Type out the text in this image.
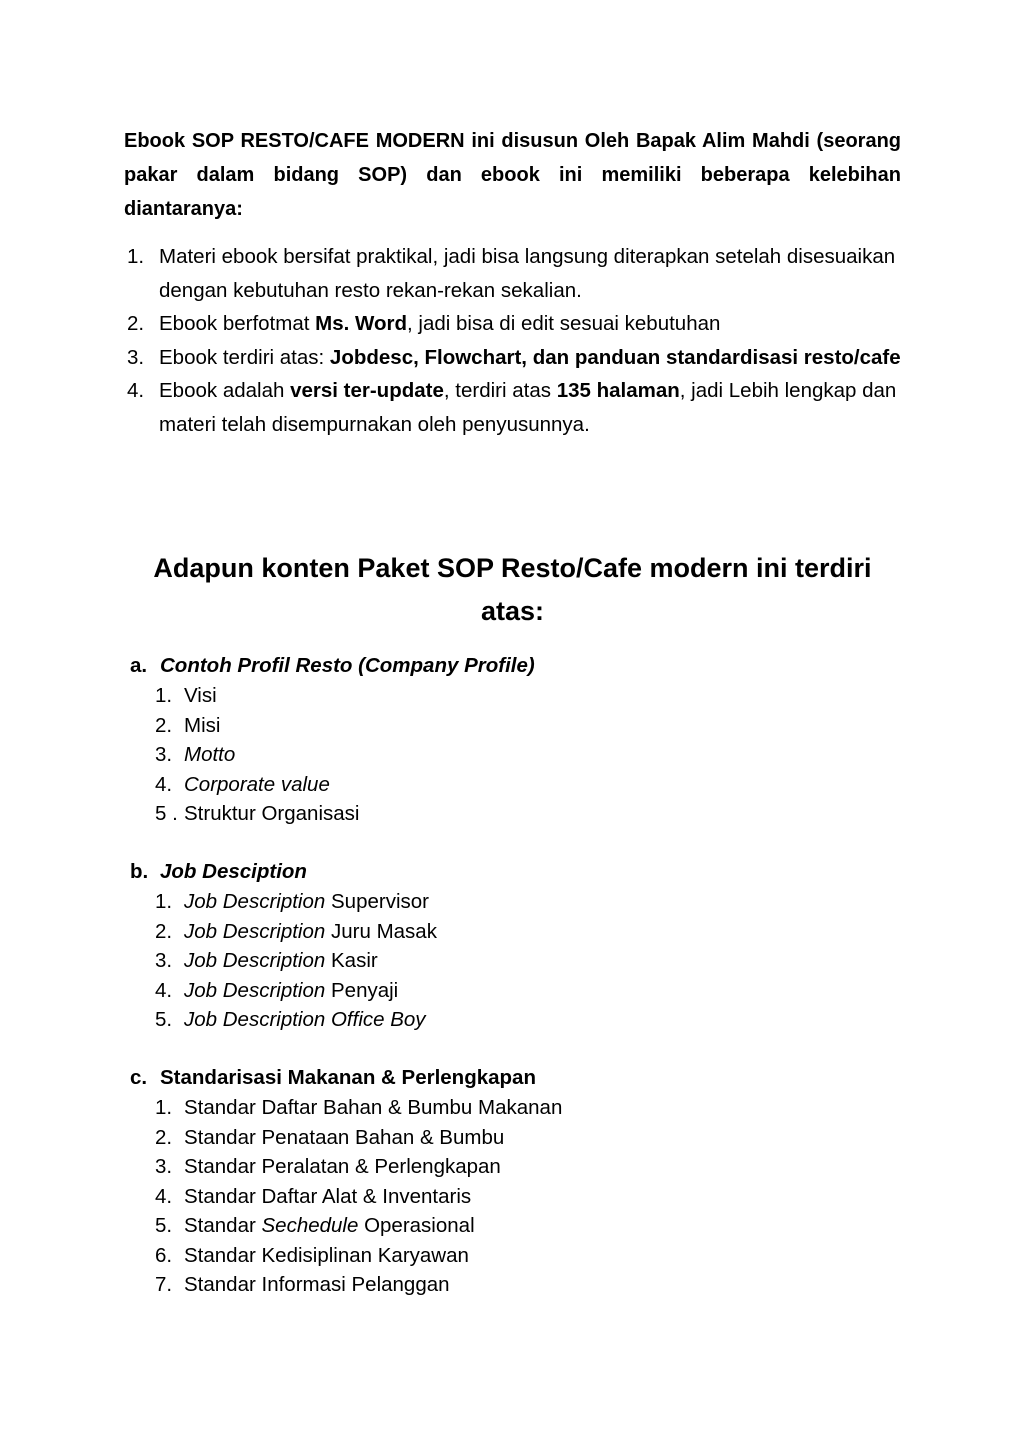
Ebook SOP RESTO/CAFE MODERN ini disusun Oleh Bapak Alim Mahdi (seorang pakar dalam bidang SOP) dan ebook ini memiliki beberapa kelebihan diantaranya:

1. Materi ebook bersifat praktikal, jadi bisa langsung diterapkan setelah disesuaikan dengan kebutuhan resto rekan-rekan sekalian.
2. Ebook berfotmat Ms. Word, jadi bisa di edit sesuai kebutuhan
3. Ebook terdiri atas: Jobdesc, Flowchart, dan panduan standardisasi resto/cafe
4. Ebook adalah versi ter-update, terdiri atas 135 halaman, jadi Lebih lengkap dan materi telah disempurnakan oleh penyusunnya.
Adapun konten Paket SOP Resto/Cafe modern ini terdiri atas:
a. Contoh Profil Resto (Company Profile)
1. Visi
2. Misi
3. Motto
4. Corporate value
5 . Struktur Organisasi
b. Job Desciption
1. Job Description Supervisor
2. Job Description Juru Masak
3. Job Description Kasir
4. Job Description Penyaji
5. Job Description Office Boy
c. Standarisasi Makanan & Perlengkapan
1. Standar Daftar Bahan & Bumbu Makanan
2. Standar Penataan Bahan & Bumbu
3. Standar Peralatan & Perlengkapan
4. Standar Daftar Alat & Inventaris
5. Standar Sechedule Operasional
6. Standar Kedisiplinan Karyawan
7. Standar Informasi Pelanggan
